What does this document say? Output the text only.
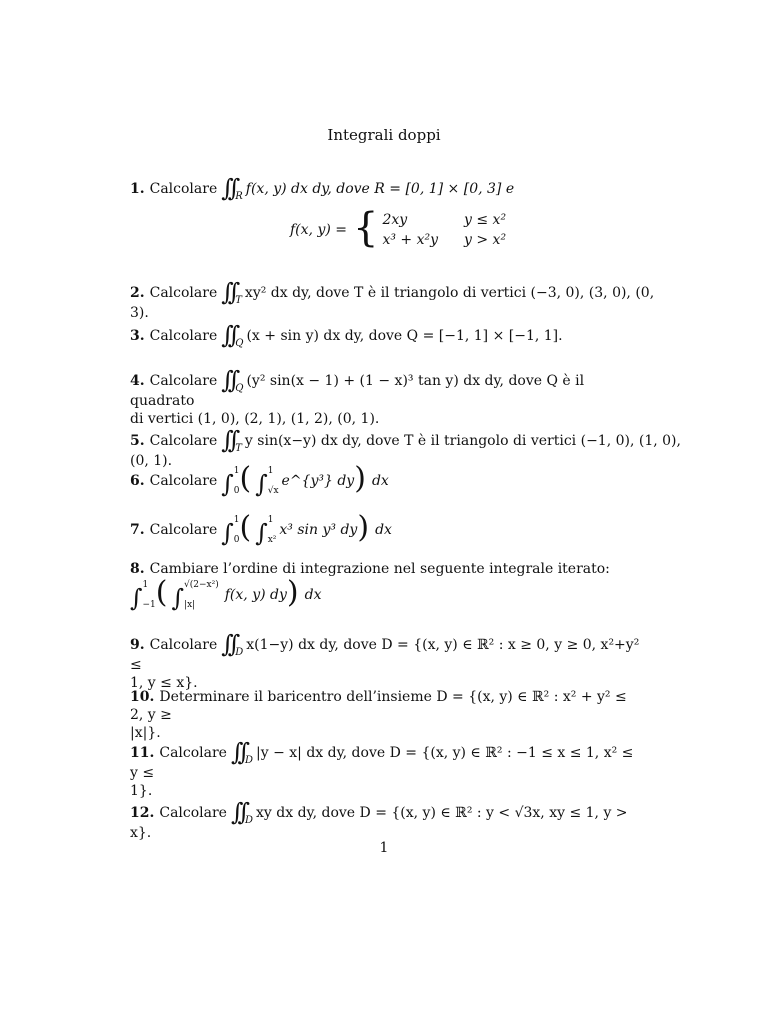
Integrali doppi
1. Calcolare $\int\int_R$ f(x, y) dx dy, dove R = [0, 1] × [0, 3] e
f(x, y) = { 2xy	y ≤ x²
x³ + x²y y > x²
2. Calcolare $\int\int_T$ xy² dx dy, dove T è il triangolo di vertici (−3, 0), (3, 0), (0, 3).
3. Calcolare $\int\int_Q$ (x + sin y) dx dy, dove Q = [−1, 1] × [−1, 1].
4. Calcolare $\int\int_Q$ (y² sin(x − 1) + (1 − x)³ tan y) dx dy, dove Q è il quadrato
di vertici (1, 0), (2, 1), (1, 2), (0, 1).
5. Calcolare $\int\int_T$ y sin(x−y) dx dy, dove T è il triangolo di vertici (−1, 0), (1, 0), (0, 1).
6. Calcolare ∫ 1

0 ( ∫ 1

√x
e^{y³} dy ) dx
7. Calcolare ∫ 1

0 ( ∫ 1

x²
x³ sin y³ dy ) dx
8. Cambiare l’ordine di integrazione nel seguente integrale iterato:
∫ 1

−1 ( ∫ √(2−x²)

|x|
f(x, y) dy ) dx
9. Calcolare $\int\int_D$ x(1−y) dx dy, dove D = {(x, y) ∈ ℝ² : x ≥ 0, y ≥ 0, x²+y² ≤
1, y ≤ x}.
10. Determinare il baricentro dell’insieme D = {(x, y) ∈ ℝ² : x² + y² ≤ 2, y ≥
|x|}.
11. Calcolare $\int\int_D$ |y − x| dx dy, dove D = {(x, y) ∈ ℝ² : −1 ≤ x ≤ 1, x² ≤ y ≤
1}.
12. Calcolare $\int\int_D$ xy dx dy, dove D = {(x, y) ∈ ℝ² : y < √3x, xy ≤ 1, y > x}.
1
